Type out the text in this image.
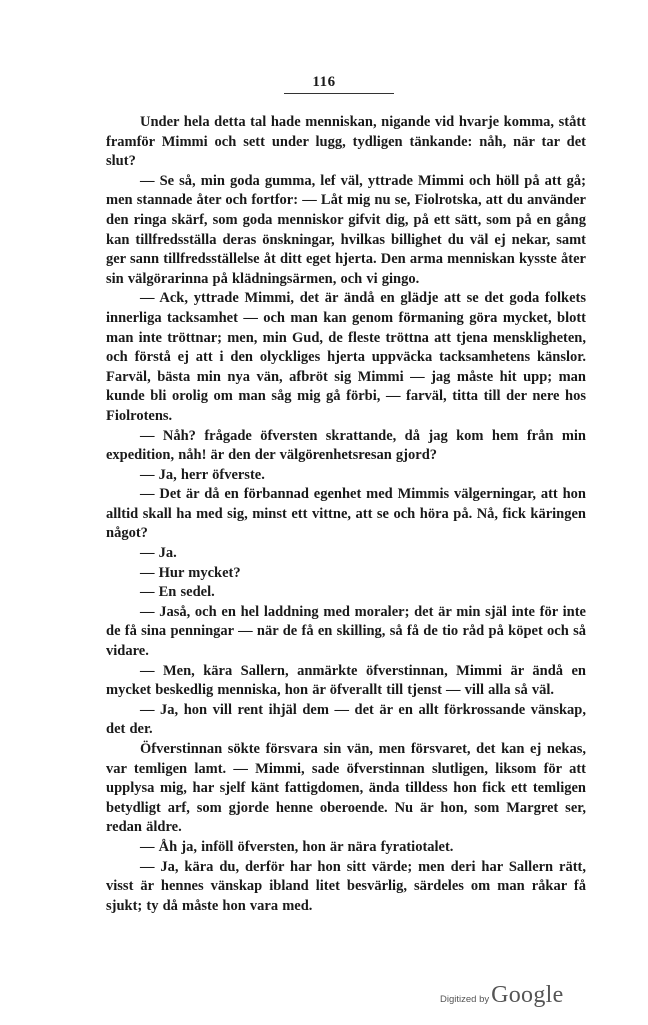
116

Under hela detta tal hade menniskan, nigande vid hvarje komma, stått framför Mimmi och sett under lugg, tydligen tänkande: nåh, när tar det slut?

— Se så, min goda gumma, lef väl, yttrade Mimmi och höll på att gå; men stannade åter och fortfor: — Låt mig nu se, Fiolrotska, att du använder den ringa skärf, som goda menniskor gifvit dig, på ett sätt, som på en gång kan tillfredsställa deras önskningar, hvilkas billighet du väl ej nekar, samt ger sann tillfredsställelse åt ditt eget hjerta. Den arma menniskan kysste åter sin välgörarinna på klädningsärmen, och vi gingo.

— Ack, yttrade Mimmi, det är ändå en glädje att se det goda folkets innerliga tacksamhet — och man kan genom förmaning göra mycket, blott man inte tröttnar; men, min Gud, de fleste tröttna att tjena menskligheten, och förstå ej att i den olyckliges hjerta uppväcka tacksamhetens känslor. Farväl, bästa min nya vän, afbröt sig Mimmi — jag måste hit upp; man kunde bli orolig om man såg mig gå förbi, — farväl, titta till der nere hos Fiolrotens.

— Nåh? frågade öfversten skrattande, då jag kom hem från min expedition, nåh! är den der välgörenhetsresan gjord?

— Ja, herr öfverste.

— Det är då en förbannad egenhet med Mimmis välgerningar, att hon alltid skall ha med sig, minst ett vittne, att se och höra på. Nå, fick käringen något?

— Ja.

— Hur mycket?

— En sedel.

— Jaså, och en hel laddning med moraler; det är min själ inte för inte de få sina penningar — när de få en skilling, så få de tio råd på köpet och så vidare.

— Men, kära Sallern, anmärkte öfverstinnan, Mimmi är ändå en mycket beskedlig menniska, hon är öfverallt till tjenst — vill alla så väl.

— Ja, hon vill rent ihjäl dem — det är en allt förkrossande vänskap, det der.

Öfverstinnan sökte försvara sin vän, men försvaret, det kan ej nekas, var temligen lamt. — Mimmi, sade öfverstinnan slutligen, liksom för att upplysa mig, har sjelf känt fattigdomen, ända tilldess hon fick ett temligen betydligt arf, som gjorde henne oberoende. Nu är hon, som Margret ser, redan äldre.

— Åh ja, inföll öfversten, hon är nära fyratiotalet.

— Ja, kära du, derför har hon sitt värde; men deri har Sallern rätt, visst är hennes vänskap ibland litet besvärlig, särdeles om man råkar få sjukt; ty då måste hon vara med.

Digitized by Google
